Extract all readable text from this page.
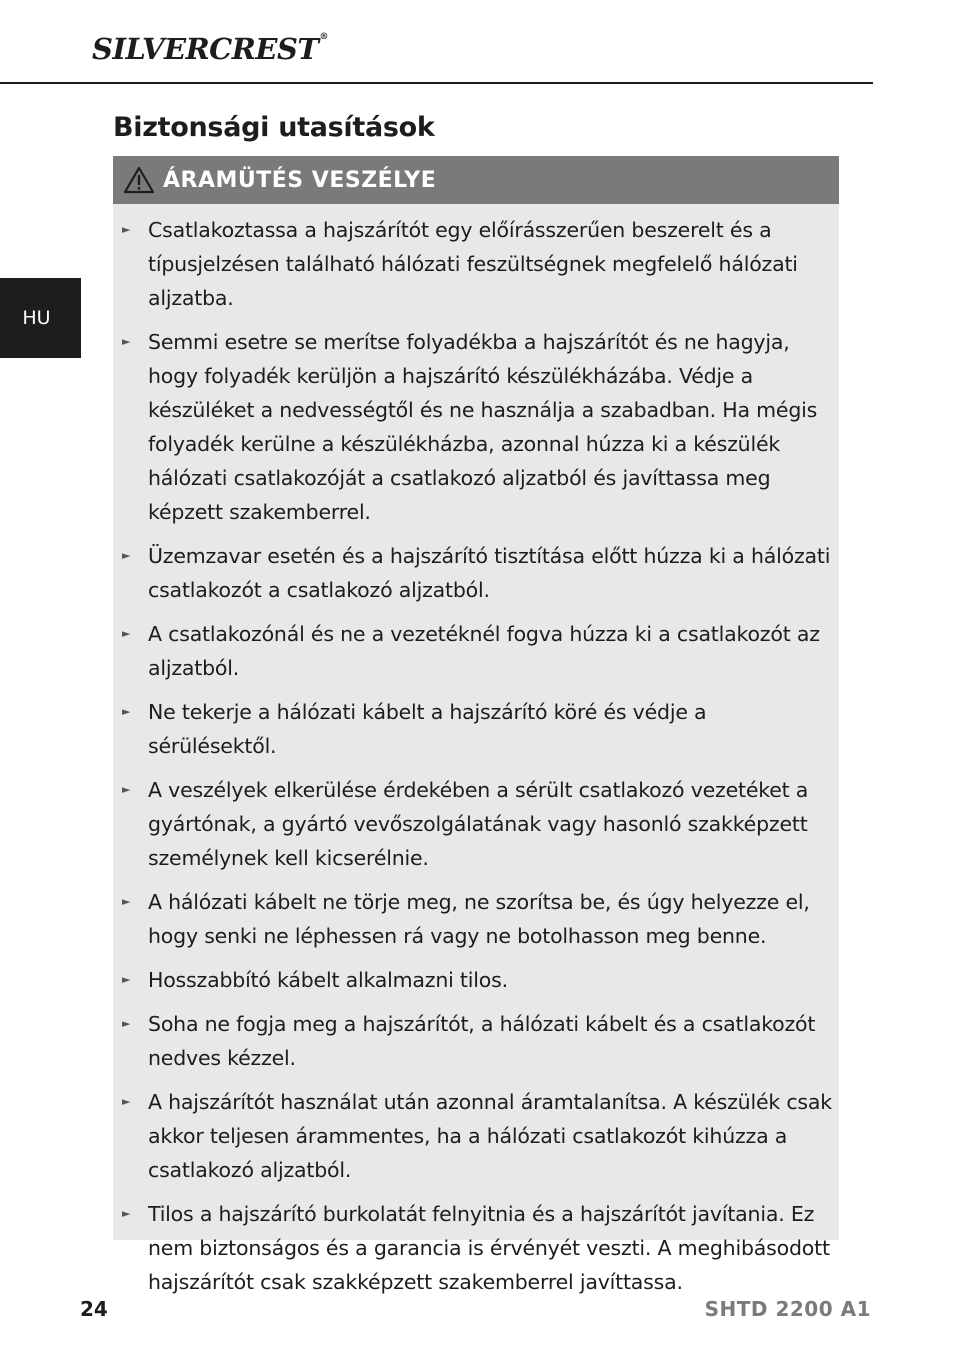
SILVERCREST®
HU
Biztonsági utasítások
ÁRAMÜTÉS VESZÉLYE
► Csatlakoztassa a hajszárítót egy előírásszerűen beszerelt és a típusjelzésen található hálózati feszültségnek megfelelő hálózati aljzatba.
► Semmi esetre se merítse folyadékba a hajszárítót és ne hagyja, hogy folyadék kerüljön a hajszárító készülékházába. Védje a készüléket a nedvességtől és ne használja a szabadban. Ha mégis folyadék kerülne a készülékházba, azonnal húzza ki a készülék hálózati csatlakozóját a csatlakozó aljzatból és javíttassa meg képzett szakemberrel.
► Üzemzavar esetén és a hajszárító tisztítása előtt húzza ki a hálózati csatlakozót a csatlakozó aljzatból.
► A csatlakozónál és ne a vezetéknél fogva húzza ki a csatlakozót az aljzatból.
► Ne tekerje a hálózati kábelt a hajszárító köré és védje a sérülésektől.
► A veszélyek elkerülése érdekében a sérült csatlakozó vezetéket a gyártónak, a gyártó vevőszolgálatának vagy hasonló szakképzett személynek kell kicserélnie.
► A hálózati kábelt ne törje meg, ne szorítsa be, és úgy helyezze el, hogy senki ne léphessen rá vagy ne botolhasson meg benne.
► Hosszabbító kábelt alkalmazni tilos.
► Soha ne fogja meg a hajszárítót, a hálózati kábelt és a csatlakozót nedves kézzel.
► A hajszárítót használat után azonnal áramtalanítsa. A készülék csak akkor teljesen árammentes, ha a hálózati csatlakozót kihúzza a csatlakozó aljzatból.
► Tilos a hajszárító burkolatát felnyitnia és a hajszárítót javítania. Ez nem biztonságos és a garancia is érvényét veszti. A meghibásodott hajszárítót csak szakképzett szakemberrel javíttassa.
24	SHTD 2200 A1
